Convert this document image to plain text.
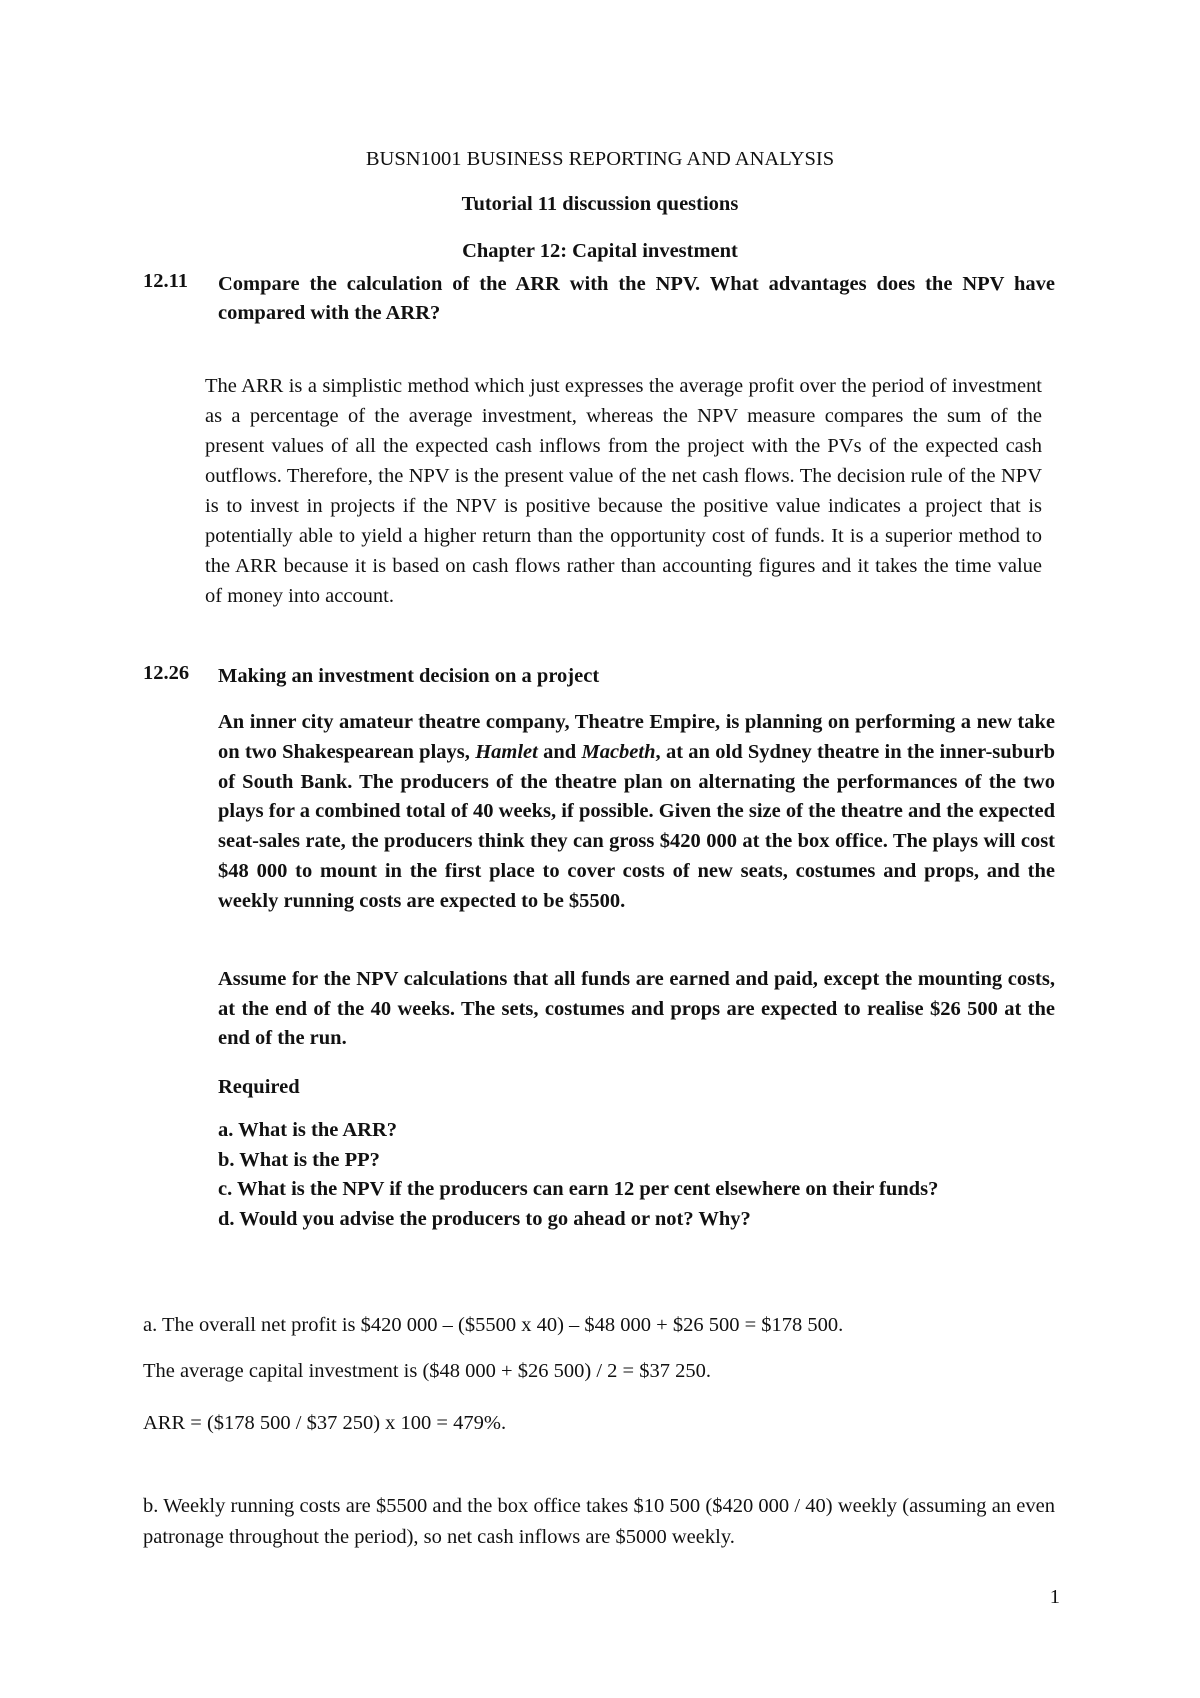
BUSN1001 BUSINESS REPORTING AND ANALYSIS
Tutorial 11 discussion questions
Chapter 12: Capital investment
12.11 Compare the calculation of the ARR with the NPV. What advantages does the NPV have compared with the ARR?
The ARR is a simplistic method which just expresses the average profit over the period of investment as a percentage of the average investment, whereas the NPV measure compares the sum of the present values of all the expected cash inflows from the project with the PVs of the expected cash outflows. Therefore, the NPV is the present value of the net cash flows. The decision rule of the NPV is to invest in projects if the NPV is positive because the positive value indicates a project that is potentially able to yield a higher return than the opportunity cost of funds. It is a superior method to the ARR because it is based on cash flows rather than accounting figures and it takes the time value of money into account.
12.26 Making an investment decision on a project
An inner city amateur theatre company, Theatre Empire, is planning on performing a new take on two Shakespearean plays, Hamlet and Macbeth, at an old Sydney theatre in the inner-suburb of South Bank. The producers of the theatre plan on alternating the performances of the two plays for a combined total of 40 weeks, if possible. Given the size of the theatre and the expected seat-sales rate, the producers think they can gross $420 000 at the box office. The plays will cost $48 000 to mount in the first place to cover costs of new seats, costumes and props, and the weekly running costs are expected to be $5500.
Assume for the NPV calculations that all funds are earned and paid, except the mounting costs, at the end of the 40 weeks. The sets, costumes and props are expected to realise $26 500 at the end of the run.
Required
a. What is the ARR?
b. What is the PP?
c. What is the NPV if the producers can earn 12 per cent elsewhere on their funds?
d. Would you advise the producers to go ahead or not? Why?
a. The overall net profit is $420 000 – ($5500 x 40) – $48 000 + $26 500 = $178 500.
The average capital investment is ($48 000 + $26 500) / 2 = $37 250.
ARR = ($178 500 / $37 250) x 100 = 479%.
b. Weekly running costs are $5500 and the box office takes $10 500 ($420 000 / 40) weekly (assuming an even patronage throughout the period), so net cash inflows are $5000 weekly.
1
